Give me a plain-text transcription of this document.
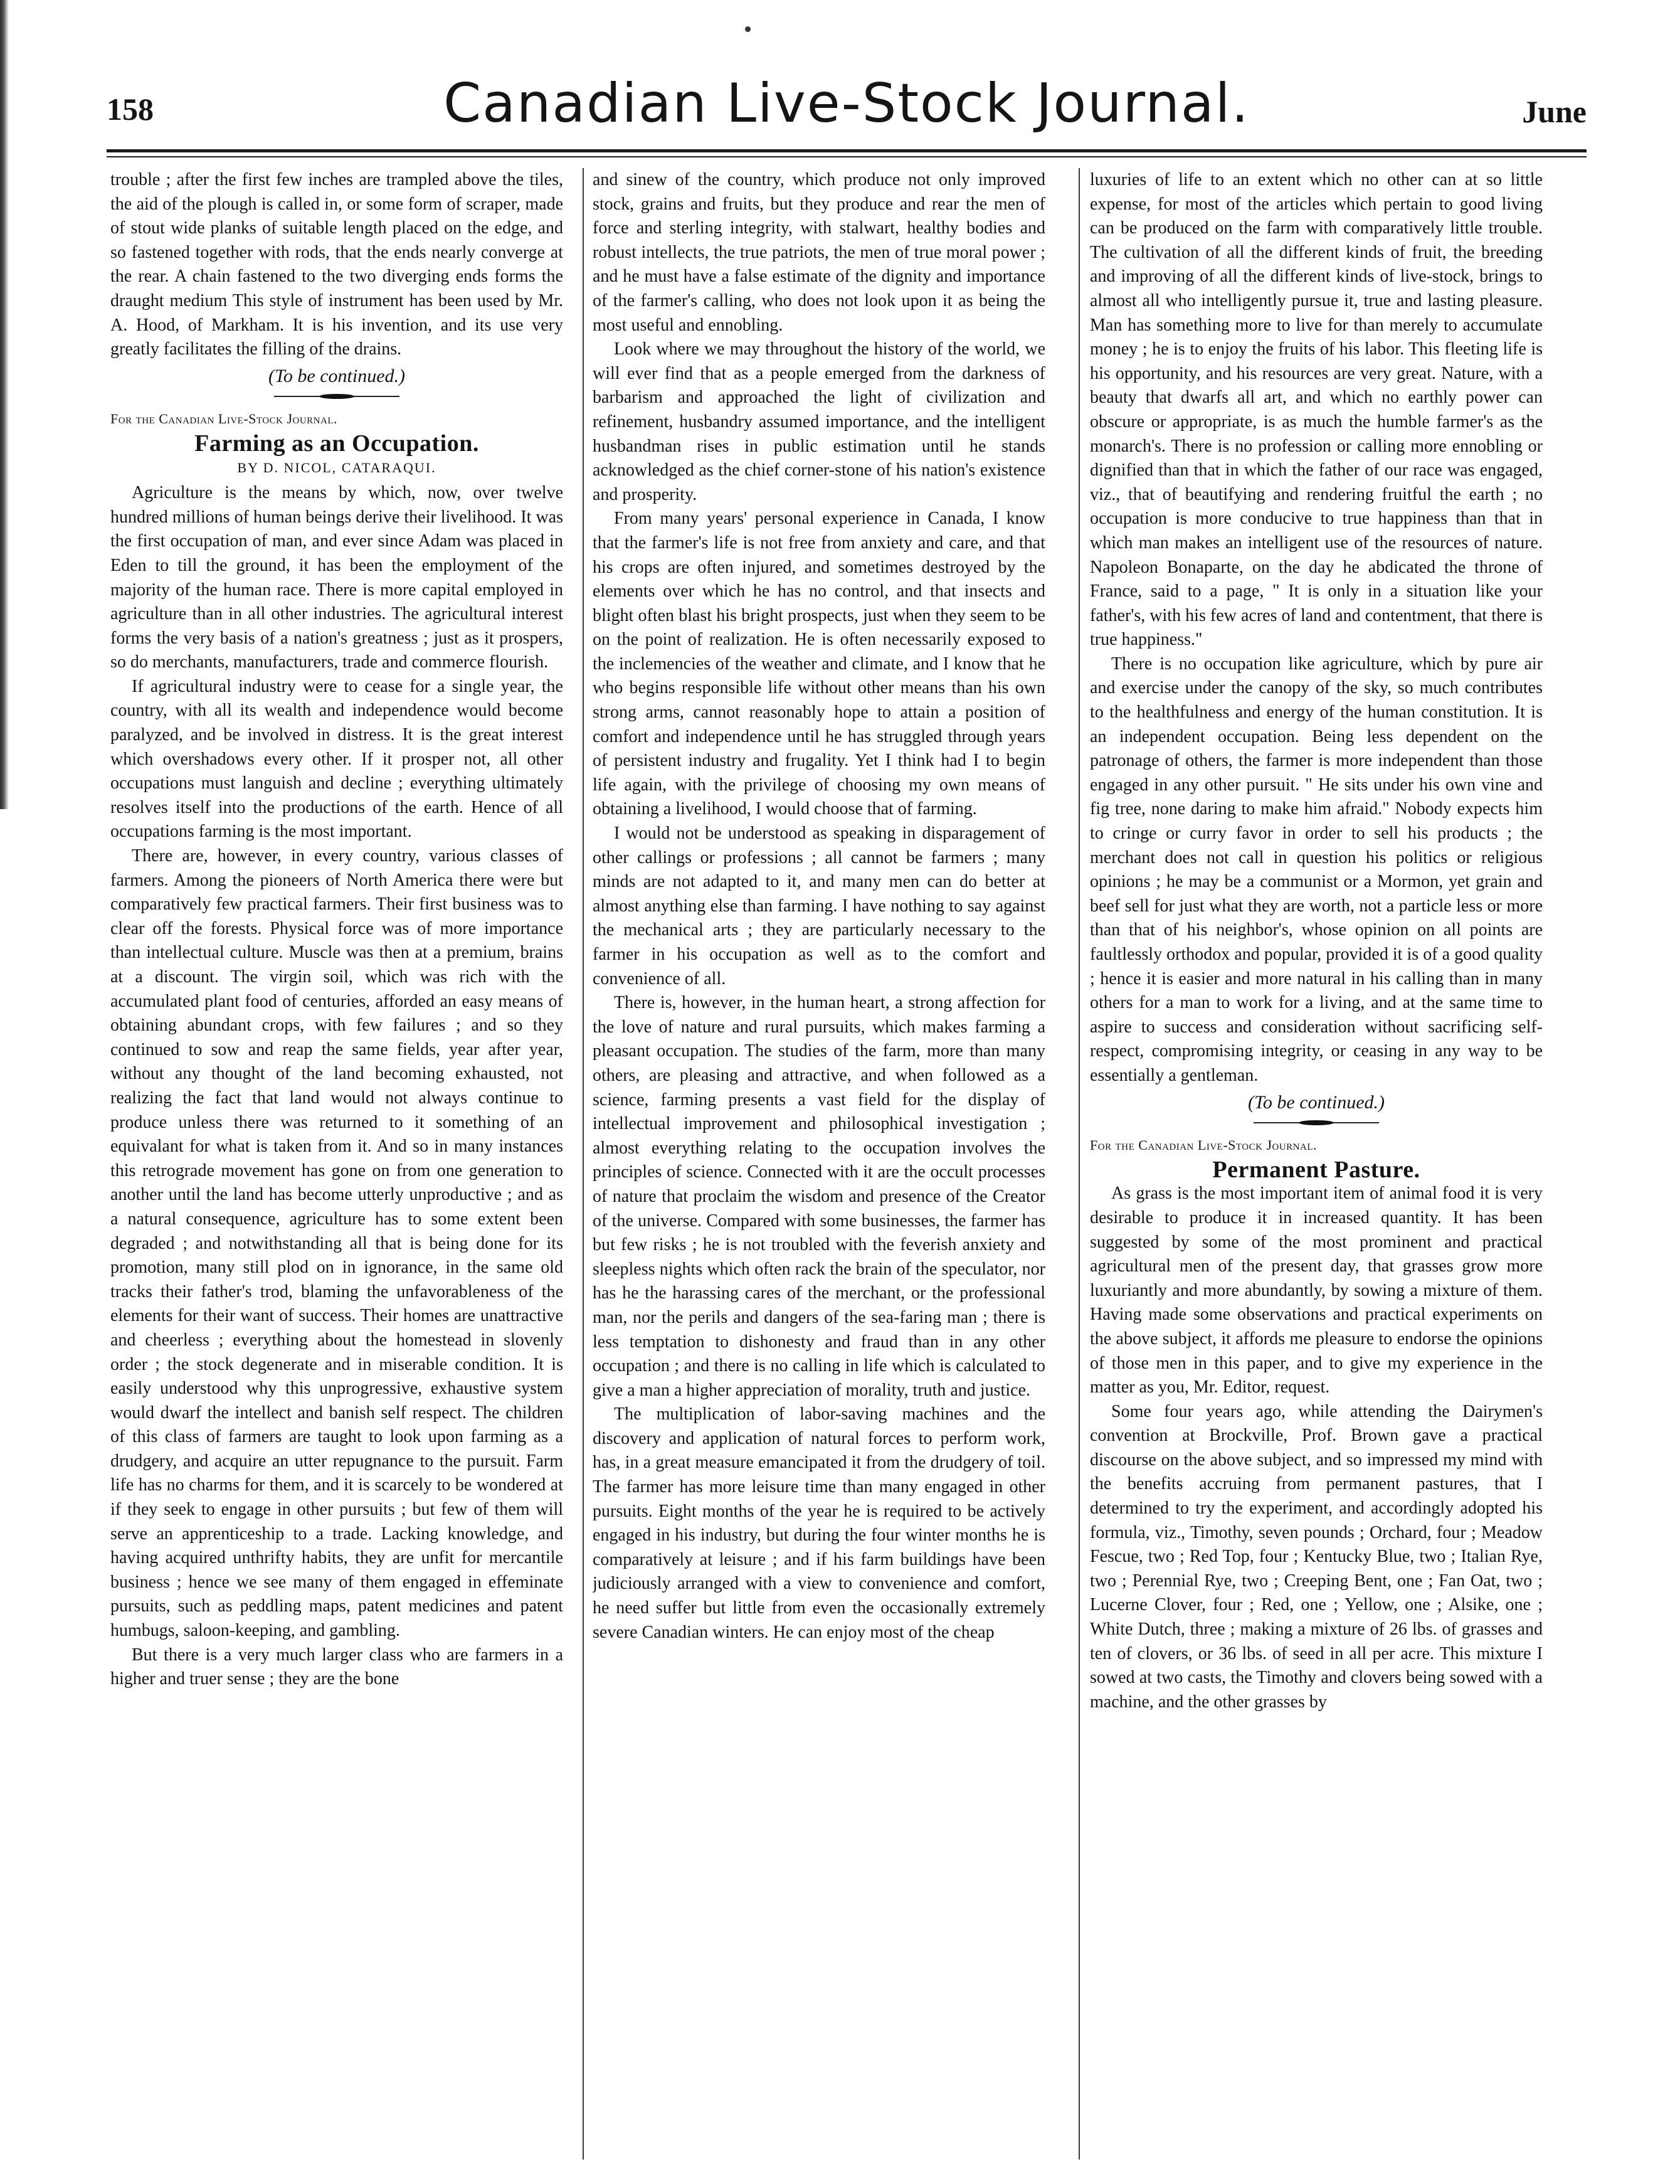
158	Canadian Live-Stock Journal.	June

trouble ; after the first few inches are trampled above the tiles, the aid of the plough is called in, or some form of scraper, made of stout wide planks of suitable length placed on the edge, and so fastened together with rods, that the ends nearly converge at the rear. A chain fastened to the two diverging ends forms the draught medium This style of instrument has been used by Mr. A. Hood, of Markham. It is his invention, and its use very greatly facilitates the filling of the drains.

(To be continued.)
For the Canadian Live-Stock Journal.
Farming as an Occupation.
BY D. NICOL, CATARAQUI.

Agriculture is the means by which, now, over twelve hundred millions of human beings derive their livelihood. It was the first occupation of man, and ever since Adam was placed in Eden to till the ground, it has been the employment of the majority of the human race. There is more capital employed in agriculture than in all other industries. The agricultural interest forms the very basis of a nation's greatness ; just as it prospers, so do merchants, manufacturers, trade and commerce flourish.

If agricultural industry were to cease for a single year, the country, with all its wealth and independence would become paralyzed, and be involved in distress. It is the great interest which overshadows every other. If it prosper not, all other occupations must languish and decline ; everything ultimately resolves itself into the productions of the earth. Hence of all occupations farming is the most important.

There are, however, in every country, various classes of farmers. Among the pioneers of North America there were but comparatively few practical farmers. Their first business was to clear off the forests. Physical force was of more importance than intellectual culture. Muscle was then at a premium, brains at a discount. The virgin soil, which was rich with the accumulated plant food of centuries, afforded an easy means of obtaining abundant crops, with few failures ; and so they continued to sow and reap the same fields, year after year, without any thought of the land becoming exhausted, not realizing the fact that land would not always continue to produce unless there was returned to it something of an equivalant for what is taken from it. And so in many instances this retrograde movement has gone on from one generation to another until the land has become utterly unproductive ; and as a natural consequence, agriculture has to some extent been degraded ; and notwithstanding all that is being done for its promotion, many still plod on in ignorance, in the same old tracks their father's trod, blaming the unfavorableness of the elements for their want of success. Their homes are unattractive and cheerless ; everything about the homestead in slovenly order ; the stock degenerate and in miserable condition. It is easily understood why this unprogressive, exhaustive system would dwarf the intellect and banish self respect. The children of this class of farmers are taught to look upon farming as a drudgery, and acquire an utter repugnance to the pursuit. Farm life has no charms for them, and it is scarcely to be wondered at if they seek to engage in other pursuits ; but few of them will serve an apprenticeship to a trade. Lacking knowledge, and having acquired unthrifty habits, they are unfit for mercantile business ; hence we see many of them engaged in effeminate pursuits, such as peddling maps, patent medicines and patent humbugs, saloon-keeping, and gambling.

But there is a very much larger class who are farmers in a higher and truer sense ; they are the bone

and sinew of the country, which produce not only improved stock, grains and fruits, but they produce and rear the men of force and sterling integrity, with stalwart, healthy bodies and robust intellects, the true patriots, the men of true moral power ; and he must have a false estimate of the dignity and importance of the farmer's calling, who does not look upon it as being the most useful and ennobling.

Look where we may throughout the history of the world, we will ever find that as a people emerged from the darkness of barbarism and approached the light of civilization and refinement, husbandry assumed importance, and the intelligent husbandman rises in public estimation until he stands acknowledged as the chief corner-stone of his nation's existence and prosperity.

From many years' personal experience in Canada, I know that the farmer's life is not free from anxiety and care, and that his crops are often injured, and sometimes destroyed by the elements over which he has no control, and that insects and blight often blast his bright prospects, just when they seem to be on the point of realization. He is often necessarily exposed to the inclemencies of the weather and climate, and I know that he who begins responsible life without other means than his own strong arms, cannot reasonably hope to attain a position of comfort and independence until he has struggled through years of persistent industry and frugality. Yet I think had I to begin life again, with the privilege of choosing my own means of obtaining a livelihood, I would choose that of farming.

I would not be understood as speaking in disparagement of other callings or professions ; all cannot be farmers ; many minds are not adapted to it, and many men can do better at almost anything else than farming. I have nothing to say against the mechanical arts ; they are particularly necessary to the farmer in his occupation as well as to the comfort and convenience of all.

There is, however, in the human heart, a strong affection for the love of nature and rural pursuits, which makes farming a pleasant occupation. The studies of the farm, more than many others, are pleasing and attractive, and when followed as a science, farming presents a vast field for the display of intellectual improvement and philosophical investigation ; almost everything relating to the occupation involves the principles of science. Connected with it are the occult processes of nature that proclaim the wisdom and presence of the Creator of the universe. Compared with some businesses, the farmer has but few risks ; he is not troubled with the feverish anxiety and sleepless nights which often rack the brain of the speculator, nor has he the harassing cares of the merchant, or the professional man, nor the perils and dangers of the sea-faring man ; there is less temptation to dishonesty and fraud than in any other occupation ; and there is no calling in life which is calculated to give a man a higher appreciation of morality, truth and justice.

The multiplication of labor-saving machines and the discovery and application of natural forces to perform work, has, in a great measure emancipated it from the drudgery of toil. The farmer has more leisure time than many engaged in other pursuits. Eight months of the year he is required to be actively engaged in his industry, but during the four winter months he is comparatively at leisure ; and if his farm buildings have been judiciously arranged with a view to convenience and comfort, he need suffer but little from even the occasionally extremely severe Canadian winters. He can enjoy most of the cheap

luxuries of life to an extent which no other can at so little expense, for most of the articles which pertain to good living can be produced on the farm with comparatively little trouble. The cultivation of all the different kinds of fruit, the breeding and improving of all the different kinds of live-stock, brings to almost all who intelligently pursue it, true and lasting pleasure. Man has something more to live for than merely to accumulate money ; he is to enjoy the fruits of his labor. This fleeting life is his opportunity, and his resources are very great. Nature, with a beauty that dwarfs all art, and which no earthly power can obscure or appropriate, is as much the humble farmer's as the monarch's. There is no profession or calling more ennobling or dignified than that in which the father of our race was engaged, viz., that of beautifying and rendering fruitful the earth ; no occupation is more conducive to true happiness than that in which man makes an intelligent use of the resources of nature. Napoleon Bonaparte, on the day he abdicated the throne of France, said to a page, " It is only in a situation like your father's, with his few acres of land and contentment, that there is true happiness."

There is no occupation like agriculture, which by pure air and exercise under the canopy of the sky, so much contributes to the healthfulness and energy of the human constitution. It is an independent occupation. Being less dependent on the patronage of others, the farmer is more independent than those engaged in any other pursuit. " He sits under his own vine and fig tree, none daring to make him afraid." Nobody expects him to cringe or curry favor in order to sell his products ; the merchant does not call in question his politics or religious opinions ; he may be a communist or a Mormon, yet grain and beef sell for just what they are worth, not a particle less or more than that of his neighbor's, whose opinion on all points are faultlessly orthodox and popular, provided it is of a good quality ; hence it is easier and more natural in his calling than in many others for a man to work for a living, and at the same time to aspire to success and consideration without sacrificing self-respect, compromising integrity, or ceasing in any way to be essentially a gentleman.

(To be continued.)
For the Canadian Live-Stock Journal.
Permanent Pasture.

As grass is the most important item of animal food it is very desirable to produce it in increased quantity. It has been suggested by some of the most prominent and practical agricultural men of the present day, that grasses grow more luxuriantly and more abundantly, by sowing a mixture of them. Having made some observations and practical experiments on the above subject, it affords me pleasure to endorse the opinions of those men in this paper, and to give my experience in the matter as you, Mr. Editor, request.

Some four years ago, while attending the Dairymen's convention at Brockville, Prof. Brown gave a practical discourse on the above subject, and so impressed my mind with the benefits accruing from permanent pastures, that I determined to try the experiment, and accordingly adopted his formula, viz., Timothy, seven pounds ; Orchard, four ; Meadow Fescue, two ; Red Top, four ; Kentucky Blue, two ; Italian Rye, two ; Perennial Rye, two ; Creeping Bent, one ; Fan Oat, two ; Lucerne Clover, four ; Red, one ; Yellow, one ; Alsike, one ; White Dutch, three ; making a mixture of 26 lbs. of grasses and ten of clovers, or 36 lbs. of seed in all per acre. This mixture I sowed at two casts, the Timothy and clovers being sowed with a machine, and the other grasses by
